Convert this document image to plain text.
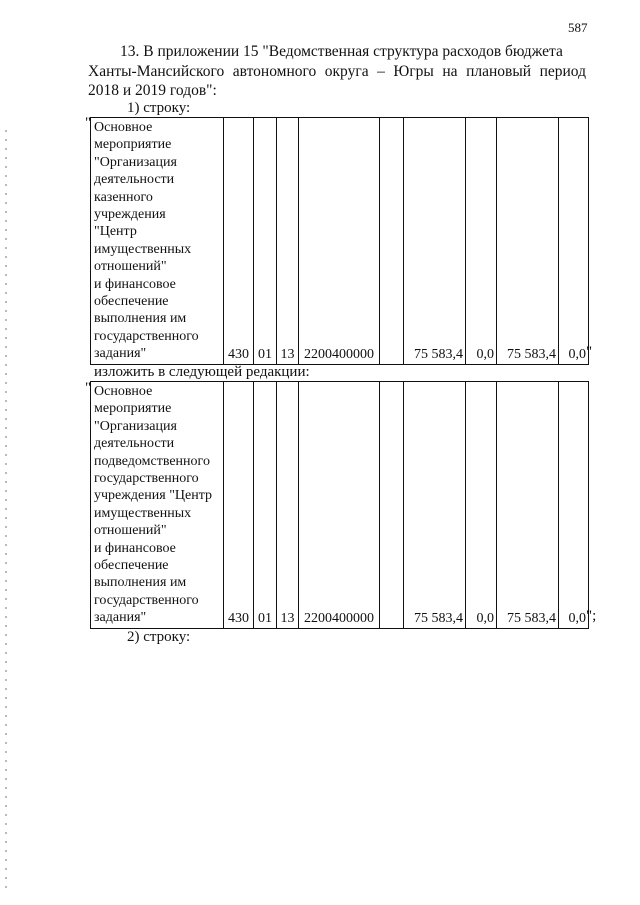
587
13. В приложении 15 "Ведомственная структура расходов бюджета
Ханты-Мансийского автономного округа – Югры на плановый период 2018 и 2019 годов":
1) строку:
" Основное
мероприятие
"Организация
деятельности
казенного
учреждения
"Центр
имущественных
отношений"
и финансовое
обеспечение
выполнения им
государственного
задания"	430	01	13	2200400000		75 583,4	0,0	75 583,4	0,0 "
изложить в следующей редакции:
" Основное
мероприятие
"Организация
деятельности
подведомственного
государственного
учреждения "Центр
имущественных
отношений"
и финансовое
обеспечение
выполнения им
государственного
задания"	430	01	13	2200400000		75 583,4	0,0	75 583,4	0,0 ";
2) строку:
